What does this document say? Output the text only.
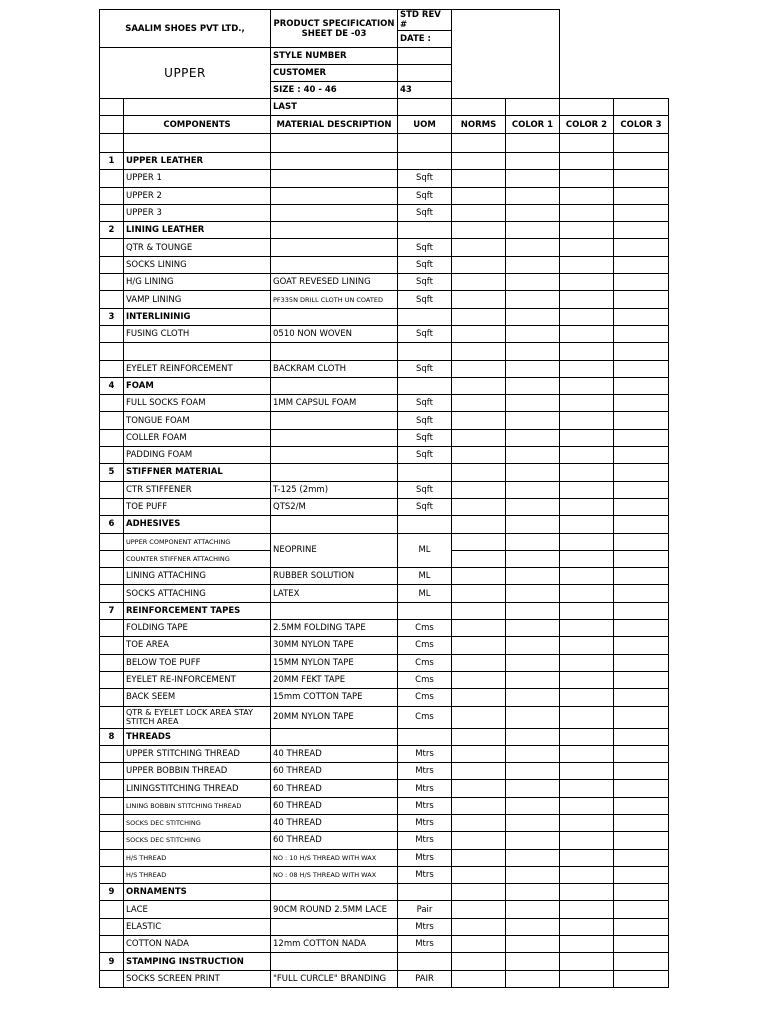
SAALIM SHOES PVT LTD.,		PRODUCT SPECIFICATION
SHEET DE -03	STD REV #				
			DATE :				
UPPER		STYLE NUMBER					
		CUSTOMER					
		SIZE : 40 - 46	43				
		LAST					
	COMPONENTS	MATERIAL DESCRIPTION	UOM	NORMS	COLOR 1	COLOR 2	COLOR 3

1	UPPER LEATHER						
	UPPER 1		Sqft				
	UPPER 2		Sqft				
	UPPER 3		Sqft				
2	LINING LEATHER						
	QTR & TOUNGE		Sqft				
	SOCKS LINING		Sqft				
	H/G LINING	GOAT REVESED LINING	Sqft				
	VAMP LINING	PF335N DRILL CLOTH UN COATED	Sqft				
3	INTERLININIG						
	FUSING CLOTH	0510 NON WOVEN	Sqft				

	EYELET REINFORCEMENT	BACKRAM CLOTH	Sqft				
4	FOAM						
	FULL SOCKS FOAM	1MM CAPSUL FOAM	Sqft				
	TONGUE FOAM		Sqft				
	COLLER FOAM		Sqft				
	PADDING FOAM		Sqft				
5	STIFFNER MATERIAL						
	CTR STIFFENER	T-125 (2mm)	Sqft				
	TOE PUFF	QTS2/M	Sqft				
6	ADHESIVES						
	UPPER COMPONENT ATTACHING	NEOPRINE	ML				
	COUNTER STIFFNER ATTACHING						
	LINING ATTACHING	RUBBER SOLUTION	ML				
	SOCKS ATTACHING	LATEX	ML				
7	REINFORCEMENT TAPES						
	FOLDING TAPE	2.5MM FOLDING TAPE	Cms				
	TOE AREA	30MM NYLON TAPE	Cms				
	BELOW TOE PUFF	15MM NYLON TAPE	Cms				
	EYELET RE-INFORCEMENT	20MM FEKT TAPE	Cms				
	BACK SEEM	15mm COTTON TAPE	Cms				
	QTR & EYELET LOCK AREA STAY STITCH AREA	20MM NYLON TAPE	Cms				
8	THREADS						
	UPPER STITCHING THREAD	40 THREAD	Mtrs				
	UPPER BOBBIN THREAD	60 THREAD	Mtrs				
	LININGSTITCHING THREAD	60 THREAD	Mtrs				
	LINING BOBBIN STITCHING THREAD	60 THREAD	Mtrs				
	SOCKS DEC STITCHING	40 THREAD	Mtrs				
	SOCKS DEC STITCHING	60 THREAD	Mtrs				
	H/S THREAD	NO : 10 H/S THREAD WITH WAX	Mtrs				
	H/S THREAD	NO : 08 H/S THREAD WITH WAX	Mtrs				
9	ORNAMENTS						
	LACE	90CM ROUND 2.5MM LACE	Pair				
	ELASTIC		Mtrs				
	COTTON NADA	12mm COTTON NADA	Mtrs				
9	STAMPING INSTRUCTION						
	SOCKS SCREEN PRINT	"FULL CURCLE" BRANDING	PAIR				
